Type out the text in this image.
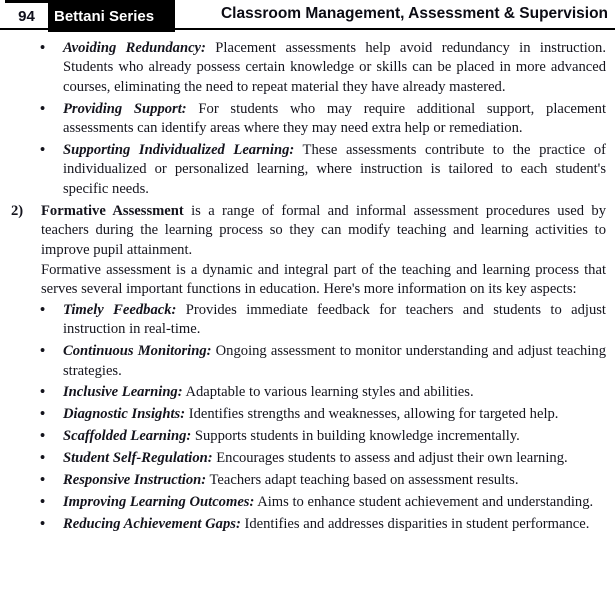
94 Bettani Series	Classroom Management, Assessment & Supervision
• Avoiding Redundancy: Placement assessments help avoid redundancy in instruction. Students who already possess certain knowledge or skills can be placed in more advanced courses, eliminating the need to repeat material they have already mastered.
• Providing Support: For students who may require additional support, placement assessments can identify areas where they may need extra help or remediation.
• Supporting Individualized Learning: These assessments contribute to the practice of individualized or personalized learning, where instruction is tailored to each student's specific needs.
2) Formative Assessment is a range of formal and informal assessment procedures used by teachers during the learning process so they can modify teaching and learning activities to improve pupil attainment.
Formative assessment is a dynamic and integral part of the teaching and learning process that serves several important functions in education. Here's more information on its key aspects:
• Timely Feedback: Provides immediate feedback for teachers and students to adjust instruction in real-time.
• Continuous Monitoring: Ongoing assessment to monitor understanding and adjust teaching strategies.
• Inclusive Learning: Adaptable to various learning styles and abilities.
• Diagnostic Insights: Identifies strengths and weaknesses, allowing for targeted help.
• Scaffolded Learning: Supports students in building knowledge incrementally.
• Student Self-Regulation: Encourages students to assess and adjust their own learning.
• Responsive Instruction: Teachers adapt teaching based on assessment results.
• Improving Learning Outcomes: Aims to enhance student achievement and understanding.
• Reducing Achievement Gaps: Identifies and addresses disparities in student performance.
